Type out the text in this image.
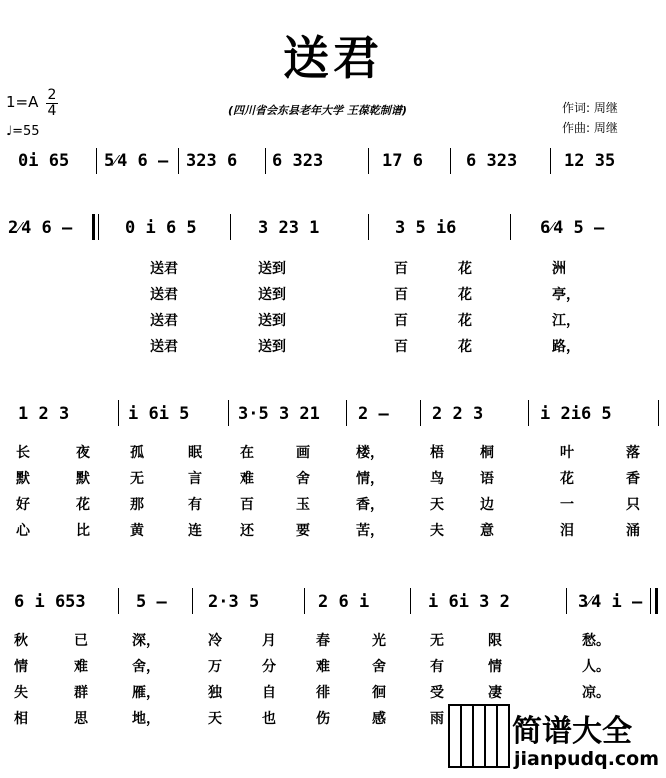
送君
1=A 2
4
♩=55
(四川省会东县老年大学 王葆乾制谱)	作词: 周继
作曲: 周继
0i 65 5⁄4 6 – 323 6 6 323	17 6	6 323	12 35
2⁄4 6 –	0 i 6 5	3 23 1	3 5 i6	6⁄4 5 –
送君	送到	百	花	洲
送君	送到	百	花	亭，
送君	送到	百	花	江，
送君	送到	百	花	路，
1 2 3	i 6i 5	3·5 3 21 2 –	2 2 3	i 2i6 5
长	夜	孤	眠	在	画	楼，	梧	桐	叶	落
默	默	无	言	难	舍	情，	鸟	语	花	香
好	花	那	有	百	玉	香，	天	边	一	只
心	比	黄	连	还	要	苦，	夫	意	泪	涌
6 i 653	5 – 2·3 5	2 6 i	i 6i 3 2	3⁄4 i –
秋	已	深，	冷	月	春	光	无	限	愁。
情	难	舍，	万	分	难	舍	有	情	人。
失	群	雁，	独	自	徘	徊	受	凄	凉。
相	思	地，	天	也	伤	感	雨 简谱大全
jianpudq.com
